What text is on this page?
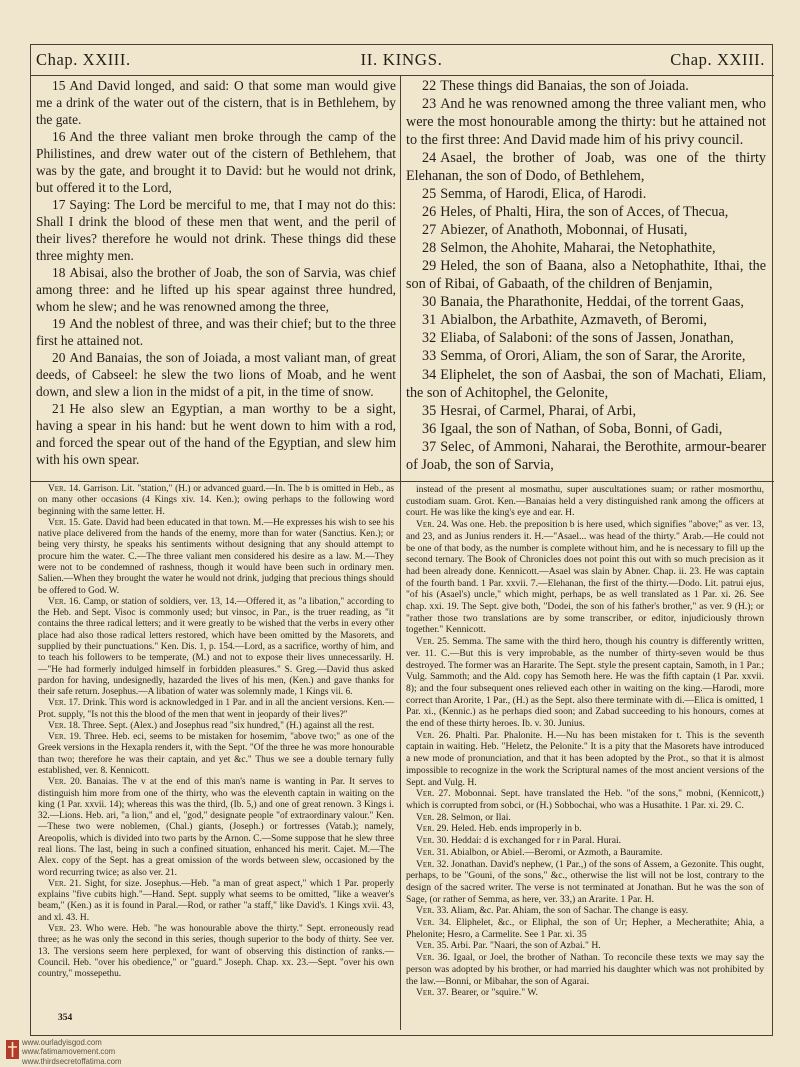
Chap. XXIII.	II. KINGS.	Chap. XXIII.
15 And David longed, and said: O that some man would give me a drink of the water out of the cistern, that is in Bethlehem, by the gate.
16 And the three valiant men broke through the camp of the Philistines, and drew water out of the cistern of Bethlehem, that was by the gate, and brought it to David: but he would not drink, but offered it to the Lord,
17 Saying: The Lord be merciful to me, that I may not do this: Shall I drink the blood of these men that went, and the peril of their lives? therefore he would not drink. These things did these three mighty men.
18 Abisai, also the brother of Joab, the son of Sarvia, was chief among three: and he lifted up his spear against three hundred, whom he slew; and he was renowned among the three,
19 And the noblest of three, and was their chief; but to the three first he attained not.
20 And Banaias, the son of Joiada, a most valiant man, of great deeds, of Cabseel: he slew the two lions of Moab, and he went down, and slew a lion in the midst of a pit, in the time of snow.
21 He also slew an Egyptian, a man worthy to be a sight, having a spear in his hand: but he went down to him with a rod, and forced the spear out of the hand of the Egyptian, and slew him with his own spear.
22 These things did Banaias, the son of Joiada.
23 And he was renowned among the three valiant men, who were the most honourable among the thirty: but he attained not to the first three: And David made him of his privy council.
24 Asael, the brother of Joab, was one of the thirty Elehanan, the son of Dodo, of Bethlehem,
25 Semma, of Harodi, Elica, of Harodi.
26 Heles, of Phalti, Hira, the son of Acces, of Thecua,
27 Abiezer, of Anathoth, Mobonnai, of Husati,
28 Selmon, the Ahohite, Maharai, the Netophathite,
29 Heled, the son of Baana, also a Netophathite, Ithai, the son of Ribai, of Gabaath, of the children of Benjamin,
30 Banaia, the Pharathonite, Heddai, of the torrent Gaas,
31 Abialbon, the Arbathite, Azmaveth, of Beromi,
32 Eliaba, of Salaboni: of the sons of Jassen, Jonathan,
33 Semma, of Orori, Aliam, the son of Sarar, the Arorite,
34 Eliphelet, the son of Aasbai, the son of Machati, Eliam, the son of Achitophel, the Gelonite,
35 Hesrai, of Carmel, Pharai, of Arbi,
36 Igaal, the son of Nathan, of Soba, Bonni, of Gadi,
37 Selec, of Ammoni, Naharai, the Berothite, armour-bearer of Joab, the son of Sarvia,

Ver. 14. Garrison. Lit. "station," (H.) or advanced guard.—In. The b is omitted in Heb., as on many other occasions (4 Kings xiv. 14. Ken.); owing perhaps to the following word beginning with the same letter. H.

Ver. 15. Gate. David had been educated in that town. M.—He expresses his wish to see his native place delivered from the hands of the enemy, more than for water (Sanctius. Ken.); or being very thirsty, he speaks his sentiments without designing that any should attempt to procure him the water. C.—The three valiant men considered his desire as a law. M.—They were not to be condemned of rashness, though it would have been such in ordinary men. Salien.—When they brought the water he would not drink, judging that precious things should be offered to God. W.

Ver. 16. Camp, or station of soldiers, ver. 13, 14.—Offered it, as "a libation," according to the Heb. and Sept. Visoc is commonly used; but vinsoc, in Par., is the truer reading, as "it contains the three radical letters; and it were greatly to be wished that the verbs in every other place had also those radical letters restored, which have been omitted by the Masorets, and supplied by their punctuations." Ken. Dis. 1, p. 154.—Lord, as a sacrifice, worthy of him, and to teach his followers to be temperate, (M.) and not to expose their lives unnecessarily. H.—"He had formerly indulged himself in forbidden pleasures." S. Greg.—David thus asked pardon for having, undesignedly, hazarded the lives of his men, (Ken.) and gave thanks for their safe return. Josephus.—A libation of water was solemnly made, 1 Kings vii. 6.

Ver. 17. Drink. This word is acknowledged in 1 Par. and in all the ancient versions. Ken.—Prot. supply, "Is not this the blood of the men that went in jeopardy of their lives?"

Ver. 18. Three. Sept. (Alex.) and Josephus read "six hundred," (H.) against all the rest.

Ver. 19. Three. Heb. eci, seems to be mistaken for hosemim, "above two;" as one of the Greek versions in the Hexapla renders it, with the Sept. "Of the three he was more honourable than two; therefore he was their captain, and yet &c." Thus we see a double ternary fully established, ver. 8. Kennicott.

Ver. 20. Banaias. The v at the end of this man's name is wanting in Par. It serves to distinguish him more from one of the thirty, who was the eleventh captain in waiting on the king (1 Par. xxvii. 14); whereas this was the third, (Ib. 5,) and one of great renown. 3 Kings i. 32.—Lions. Heb. ari, "a lion," and el, "god," designate people "of extraordinary valour." Ken.—These two were noblemen, (Chal.) giants, (Joseph.) or fortresses (Vatab.); namely, Areopolis, which is divided into two parts by the Arnon. C.—Some suppose that he slew three real lions. The last, being in such a confined situation, enhanced his merit. Cajet. M.—The Alex. copy of the Sept. has a great omission of the words between slew, occasioned by the word recurring twice; as also ver. 21.

Ver. 21. Sight, for size. Josephus.—Heb. "a man of great aspect," which 1 Par. properly explains "five cubits high."—Hand. Sept. supply what seems to be omitted, "like a weaver's beam," (Ken.) as it is found in Paral.—Rod, or rather "a staff," like David's. 1 Kings xvii. 43, and xl. 43. H.

Ver. 23. Who were. Heb. "he was honourable above the thirty." Sept. erroneously read three; as he was only the second in this series, though superior to the body of thirty. See ver. 13. The versions seem here perplexed, for want of observing this distinction of ranks.—Council. Heb. "over his obedience," or "guard." Joseph. Chap. xx. 23.—Sept. "over his own country," mossepethu.

instead of the present al mosmathu, super auscultationes suam; or rather mosmorthu, custodiam suam. Grot. Ken.—Banaias held a very distinguished rank among the officers at court. He was like the king's eye and ear. H.

Ver. 24. Was one. Heb. the preposition b is here used, which signifies "above;" as ver. 13, and 23, and as Junius renders it. H.—"Asael... was head of the thirty." Arab.—He could not be one of that body, as the number is complete without him, and he is necessary to fill up the second ternary. The Book of Chronicles does not point this out with so much precision as it had been already done. Kennicott.—Asael was slain by Abner. Chap. ii. 23. He was captain of the fourth band. 1 Par. xxvii. 7.—Elehanan, the first of the thirty.—Dodo. Lit. patrui ejus, "of his (Asael's) uncle," which might, perhaps, be as well translated as 1 Par. xi. 26. See chap. xxi. 19. The Sept. give both, "Dodei, the son of his father's brother," as ver. 9 (H.); or "rather those two translations are by some transcriber, or editor, injudiciously thrown together." Kennicott.

Ver. 25. Semma. The same with the third hero, though his country is differently written, ver. 11. C.—But this is very improbable, as the number of thirty-seven would be thus destroyed. The former was an Hararite. The Sept. style the present captain, Samoth, in 1 Par.; Vulg. Sammoth; and the Ald. copy has Semoth here. He was the fifth captain (1 Par. xxvii. 8); and the four subsequent ones relieved each other in waiting on the king.—Harodi, more correct than Arorite, 1 Par., (H.) as the Sept. also there terminate with di.—Elica is omitted, 1 Par. xi., (Kennic.) as he perhaps died soon; and Zabad succeeding to his honours, comes at the end of these thirty heroes. Ib. v. 30. Junius.

Ver. 26. Phalti. Par. Phalonite. H.—Nu has been mistaken for t. This is the seventh captain in waiting. Heb. "Heletz, the Pelonite." It is a pity that the Masorets have introduced a new mode of pronunciation, and that it has been adopted by the Prot., so that it is almost impossible to recognize in the work the Scriptural names of the most ancient versions of the Sept. and Vulg. H.

Ver. 27. Mobonnai. Sept. have translated the Heb. "of the sons," mobni, (Kennicott,) which is corrupted from sobci, or (H.) Sobbochai, who was a Husathite. 1 Par. xi. 29. C.

Ver. 28. Selmon, or Ilai.

Ver. 29. Heled. Heb. ends improperly in b.

Ver. 30. Heddai: d is exchanged for r in Paral. Hurai.

Ver. 31. Abialbon, or Abiel.—Beromi, or Azmoth, a Bauramite.

Ver. 32. Jonathan. David's nephew, (1 Par.,) of the sons of Assem, a Gezonite. This ought, perhaps, to be "Gouni, of the sons," &c., otherwise the list will not be lost, contrary to the design of the sacred writer. The verse is not terminated at Jonathan. But he was the son of Sage, (or rather of Semma, as here, ver. 33,) an Ararite. 1 Par. H.

Ver. 33. Aliam, &c. Par. Ahiam, the son of Sachar. The change is easy.

Ver. 34. Eliphelet, &c., or Eliphal, the son of Ur; Hepher, a Mecherathite; Ahia, a Phelonite; Hesro, a Carmelite. See 1 Par. xi. 35

Ver. 35. Arbi. Par. "Naari, the son of Azbai." H.

Ver. 36. Igaal, or Joel, the brother of Nathan. To reconcile these texts we may say the person was adopted by his brother, or had married his daughter which was not prohibited by the law.—Bonni, or Mibahar, the son of Agarai.

Ver. 37. Bearer, or "squire." W.

354
www.ourladyisgod.com
www.fatimamovement.com
www.thirdsecretoffatima.com
